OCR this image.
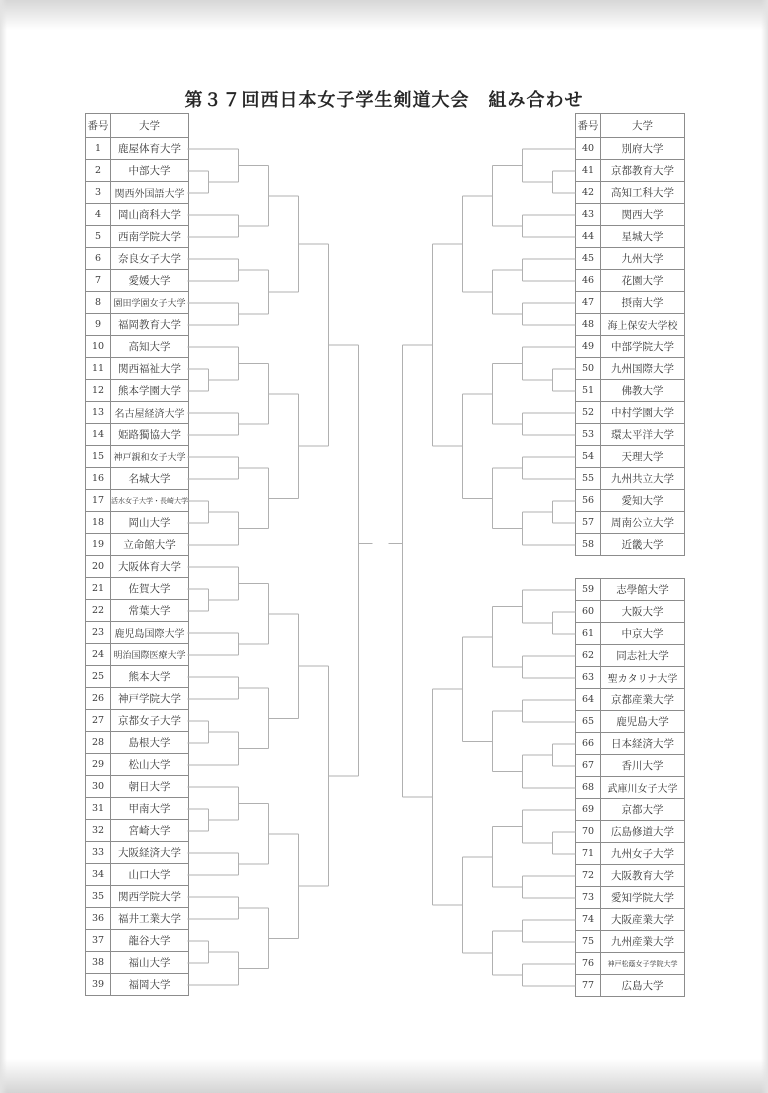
第３７回西日本女子学生剣道大会　組み合わせ
番号	大学
1	鹿屋体育大学
2	中部大学
3	関西外国語大学
4	岡山商科大学
5	西南学院大学
6	奈良女子大学
7	愛媛大学
8	園田学園女子大学
9	福岡教育大学
10	高知大学
11	関西福祉大学
12	熊本学園大学
13	名古屋経済大学
14	姫路獨協大学
15	神戸親和女子大学
16	名城大学
17 活水女子大学・長崎大学
18	岡山大学
19	立命館大学
20	大阪体育大学
21	佐賀大学
22	常葉大学
23	鹿児島国際大学
24	明治国際医療大学
25	熊本大学
26	神戸学院大学
27	京都女子大学
28	島根大学
29	松山大学
30	朝日大学
31	甲南大学
32	宮崎大学
33	大阪経済大学
34	山口大学
35	関西学院大学
36	福井工業大学
37	龍谷大学
38	福山大学
39	福岡大学
番号	大学
40	別府大学
41	京都教育大学
42	高知工科大学
43	関西大学
44	星城大学
45	九州大学
46	花園大学
47	摂南大学
48	海上保安大学校
49	中部学院大学
50	九州国際大学
51	佛教大学
52	中村学園大学
53	環太平洋大学
54	天理大学
55	九州共立大学
56	愛知大学
57	周南公立大学
58	近畿大学
59	志學館大学
60	大阪大学
61	中京大学
62	同志社大学
63	聖カタリナ大学
64	京都産業大学
65	鹿児島大学
66	日本経済大学
67	香川大学
68	武庫川女子大学
69	京都大学
70	広島修道大学
71	九州女子大学
72	大阪教育大学
73	愛知学院大学
74	大阪産業大学
75	九州産業大学
76	神戸松蔭女子学院大学
77	広島大学
